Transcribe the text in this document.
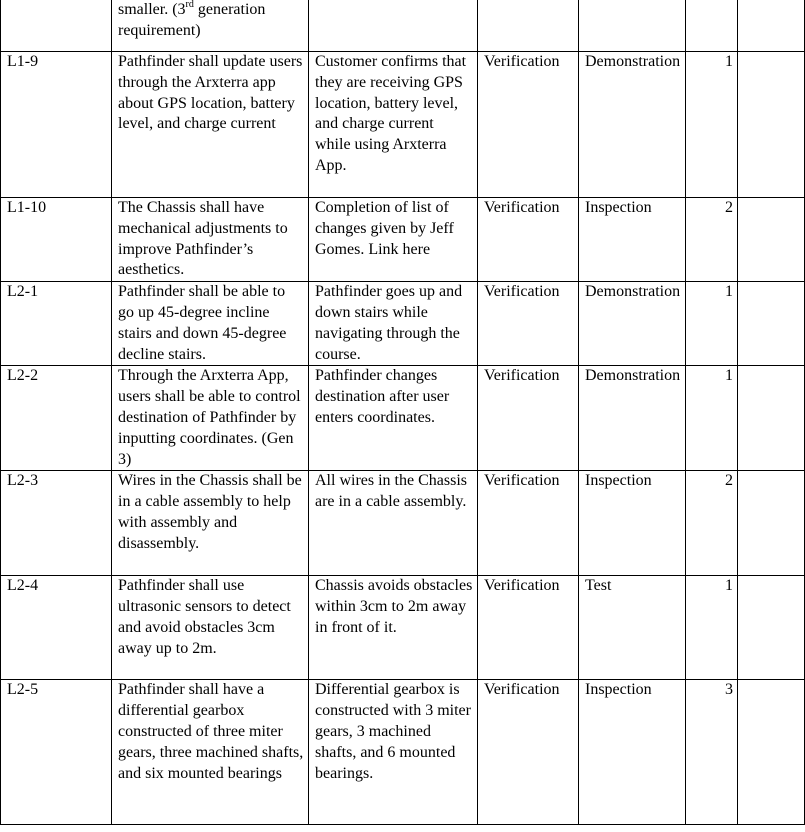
	smaller. (3rd generation requirement)					
L1-9	Pathfinder shall update users through the Arxterra app about GPS location, battery level, and charge current	Customer confirms that they are receiving GPS location, battery level, and charge current while using Arxterra App.	Verification	Demonstration	1	
L1-10	The Chassis shall have mechanical adjustments to improve Pathfinder’s aesthetics.	Completion of list of changes given by Jeff Gomes. Link here	Verification	Inspection	2	
L2-1	Pathfinder shall be able to go up 45-degree incline stairs and down 45-degree decline stairs.	Pathfinder goes up and down stairs while navigating through the course.	Verification	Demonstration	1	
L2-2	Through the Arxterra App, users shall be able to control destination of Pathfinder by inputting coordinates. (Gen 3)	Pathfinder changes destination after user enters coordinates.	Verification	Demonstration	1	
L2-3	Wires in the Chassis shall be in a cable assembly to help with assembly and disassembly.	All wires in the Chassis are in a cable assembly.	Verification	Inspection	2	
L2-4	Pathfinder shall use ultrasonic sensors to detect and avoid obstacles 3cm away up to 2m.	Chassis avoids obstacles within 3cm to 2m away in front of it.	Verification	Test	1	
L2-5	Pathfinder shall have a differential gearbox constructed of three miter gears, three machined shafts, and six mounted bearings	Differential gearbox is constructed with 3 miter gears, 3 machined shafts, and 6 mounted bearings.	Verification	Inspection	3	
